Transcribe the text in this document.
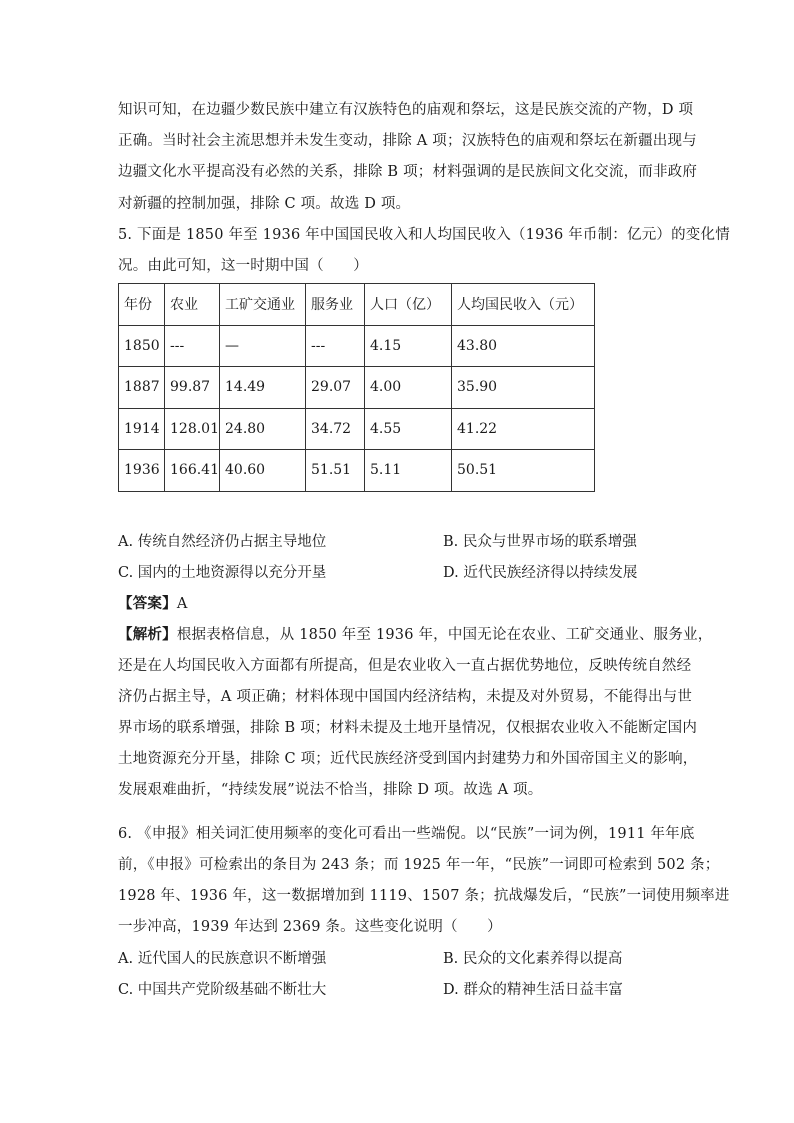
知识可知，在边疆少数民族中建立有汉族特色的庙观和祭坛，这是民族交流的产物，D 项
正确。当时社会主流思想并未发生变动，排除 A 项；汉族特色的庙观和祭坛在新疆出现与
边疆文化水平提高没有必然的关系，排除 B 项；材料强调的是民族间文化交流，而非政府
对新疆的控制加强，排除 C 项。故选 D 项。
5. 下面是 1850 年至 1936 年中国国民收入和人均国民收入（1936 年币制：亿元）的变化情
况。由此可知，这一时期中国（　　）
年份	农业	工矿交通业	服务业	人口（亿）	人均国民收入（元）
1850	---	—	---	4.15	43.80
1887	99.87	14.49	29.07	4.00	35.90
1914	128.01	24.80	34.72	4.55	41.22
1936	166.41	40.60	51.51	5.11	50.51
A. 传统自然经济仍占据主导地位	B. 民众与世界市场的联系增强
C. 国内的土地资源得以充分开垦	D. 近代民族经济得以持续发展
【答案】A
【解析】根据表格信息，从 1850 年至 1936 年，中国无论在农业、工矿交通业、服务业，
还是在人均国民收入方面都有所提高，但是农业收入一直占据优势地位，反映传统自然经
济仍占据主导，A 项正确；材料体现中国国内经济结构，未提及对外贸易，不能得出与世
界市场的联系增强，排除 B 项；材料未提及土地开垦情况，仅根据农业收入不能断定国内
土地资源充分开垦，排除 C 项；近代民族经济受到国内封建势力和外国帝国主义的影响，
发展艰难曲折，“持续发展”说法不恰当，排除 D 项。故选 A 项。
6. 《申报》相关词汇使用频率的变化可看出一些端倪。以“民族”一词为例，1911 年年底
前，《申报》可检索出的条目为 243 条；而 1925 年一年，“民族”一词即可检索到 502 条；
1928 年、1936 年，这一数据增加到 1119、1507 条；抗战爆发后，“民族”一词使用频率进
一步冲高，1939 年达到 2369 条。这些变化说明（　　）
A. 近代国人的民族意识不断增强	B. 民众的文化素养得以提高
C. 中国共产党阶级基础不断壮大	D. 群众的精神生活日益丰富
